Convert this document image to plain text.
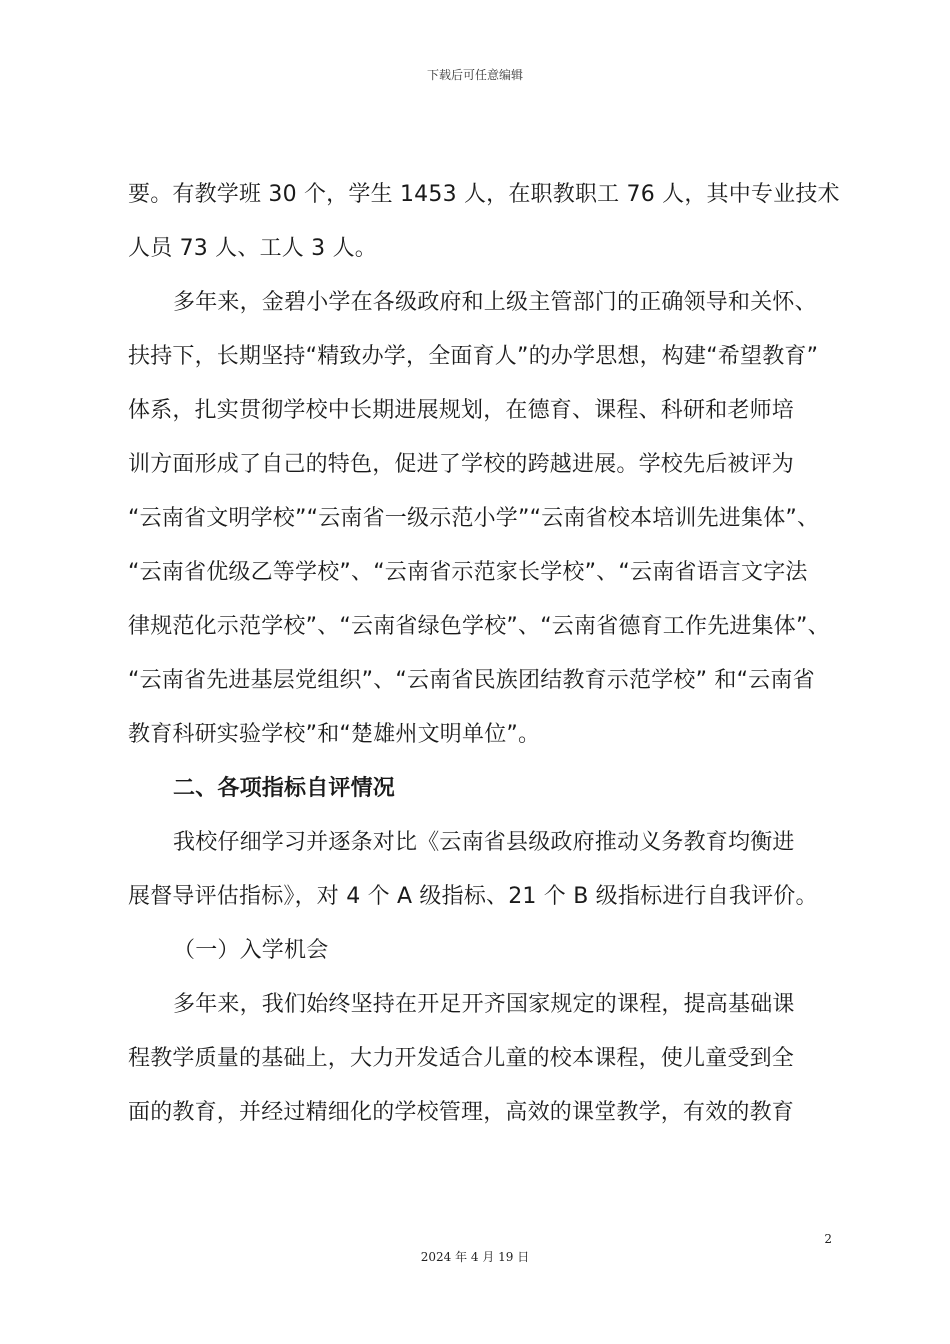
下载后可任意编辑
要。有教学班 30 个，学生 1453 人，在职教职工 76 人，其中专业技术
人员 73 人、工人 3 人。
多年来，金碧小学在各级政府和上级主管部门的正确领导和关怀、
扶持下，长期坚持“精致办学，全面育人”的办学思想，构建“希望教育”
体系，扎实贯彻学校中长期进展规划，在德育、课程、科研和老师培
训方面形成了自己的特色，促进了学校的跨越进展。学校先后被评为
“云南省文明学校”“云南省一级示范小学”“云南省校本培训先进集体”、
“云南省优级乙等学校”、“云南省示范家长学校”、“云南省语言文字法
律规范化示范学校”、“云南省绿色学校”、“云南省德育工作先进集体”、
“云南省先进基层党组织”、“云南省民族团结教育示范学校” 和“云南省
教育科研实验学校”和“楚雄州文明单位”。
二、各项指标自评情况
我校仔细学习并逐条对比《云南省县级政府推动义务教育均衡进
展督导评估指标》，对 4 个 A 级指标、21 个 B 级指标进行自我评价。
（一）入学机会
多年来，我们始终坚持在开足开齐国家规定的课程，提高基础课
程教学质量的基础上，大力开发适合儿童的校本课程，使儿童受到全
面的教育，并经过精细化的学校管理，高效的课堂教学，有效的教育
2
2024 年 4 月 19 日
